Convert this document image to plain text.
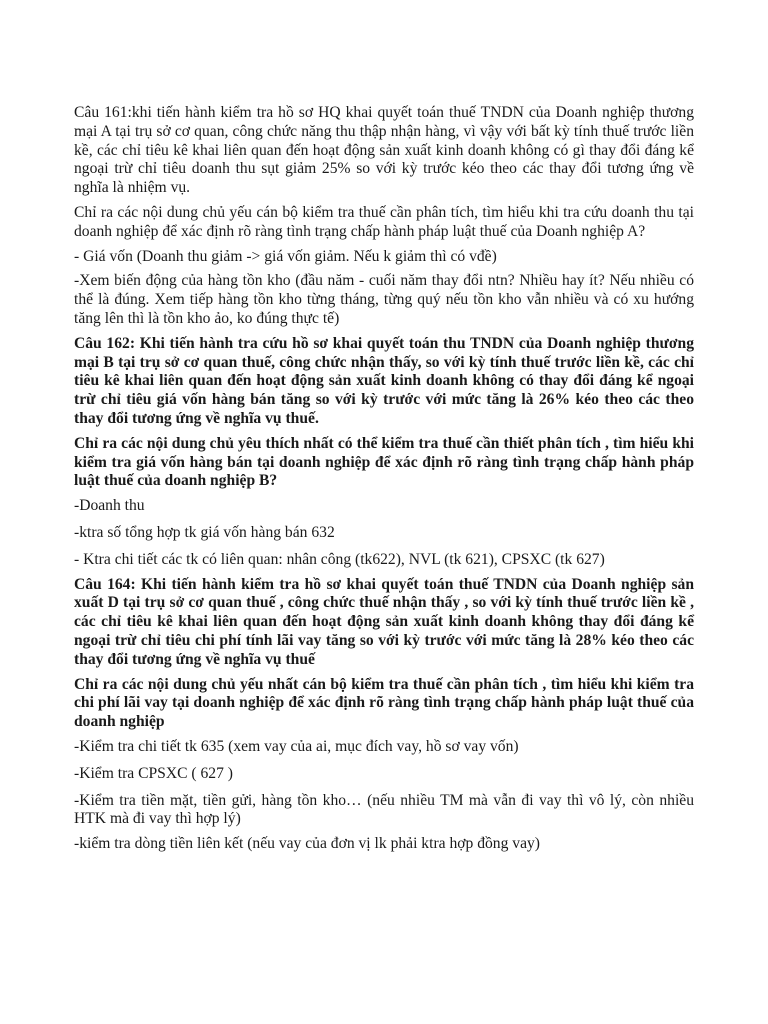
Câu 161:khi tiến hành kiểm tra hồ sơ HQ khai quyết toán thuế TNDN của Doanh nghiệp thương mại A tại trụ sở cơ quan, công chức năng thu thập nhận hàng, vì vậy với bất kỳ tính thuế trước liền kề, các chỉ tiêu kê khai liên quan đến hoạt động sản xuất kinh doanh không có gì thay đổi đáng kể ngoại trừ chỉ tiêu doanh thu sụt giảm 25% so với kỳ trước kéo theo các thay đổi tương ứng về nghĩa là nhiệm vụ.

Chỉ ra các nội dung chủ yếu cán bộ kiểm tra thuế cần phân tích, tìm hiểu khi tra cứu doanh thu tại doanh nghiệp để xác định rõ ràng tình trạng chấp hành pháp luật thuế của Doanh nghiệp A?

- Giá vốn (Doanh thu giảm -> giá vốn giảm. Nếu k giảm thì có vđề)

-Xem biến động của hàng tồn kho (đầu năm - cuối năm thay đổi ntn? Nhiều hay ít? Nếu nhiều có thể là đúng. Xem tiếp hàng tồn kho từng tháng, từng quý nếu tồn kho vẫn nhiều và có xu hướng tăng lên thì là tồn kho ảo, ko đúng thực tế)

Câu 162: Khi tiến hành tra cứu hồ sơ khai quyết toán thu TNDN của Doanh nghiệp thương mại B tại trụ sở cơ quan thuế, công chức nhận thấy, so với kỳ tính thuế trước liền kề, các chỉ tiêu kê khai liên quan đến hoạt động sản xuất kinh doanh không có thay đổi đáng kể ngoại trừ chỉ tiêu giá vốn hàng bán tăng so với kỳ trước với mức tăng là 26% kéo theo các theo thay đổi tương ứng về nghĩa vụ thuế.

Chỉ ra các nội dung chủ yêu thích nhất có thể kiểm tra thuế cần thiết phân tích , tìm hiểu khi kiểm tra giá vốn hàng bán tại doanh nghiệp để xác định rõ ràng tình trạng chấp hành pháp luật thuế của doanh nghiệp B?

-Doanh thu

-ktra số tổng hợp tk giá vốn hàng bán 632

- Ktra chi tiết các tk có liên quan: nhân công (tk622), NVL (tk 621), CPSXC (tk 627)

Câu 164: Khi tiến hành kiểm tra hồ sơ khai quyết toán thuế TNDN của Doanh nghiệp sản xuất D tại trụ sở cơ quan thuế , công chức thuế nhận thấy , so với kỳ tính thuế trước liền kề , các chỉ tiêu kê khai liên quan đến hoạt động sản xuất kinh doanh không thay đổi đáng kể ngoại trừ chỉ tiêu chi phí tính lãi vay tăng so với kỳ trước với mức tăng là 28% kéo theo các thay đổi tương ứng về nghĩa vụ thuế

Chỉ ra các nội dung chủ yếu nhất cán bộ kiểm tra thuế cần phân tích , tìm hiểu khi kiểm tra chi phí lãi vay tại doanh nghiệp để xác định rõ ràng tình trạng chấp hành pháp luật thuế của doanh nghiệp

-Kiểm tra chi tiết tk 635 (xem vay của ai, mục đích vay, hồ sơ vay vốn)

-Kiểm tra CPSXC ( 627 )

-Kiểm tra tiền mặt, tiền gửi, hàng tồn kho… (nếu nhiều TM mà vẫn đi vay thì vô lý, còn nhiều HTK mà đi vay thì hợp lý)

-kiểm tra dòng tiền liên kết (nếu vay của đơn vị lk phải ktra hợp đồng vay)
